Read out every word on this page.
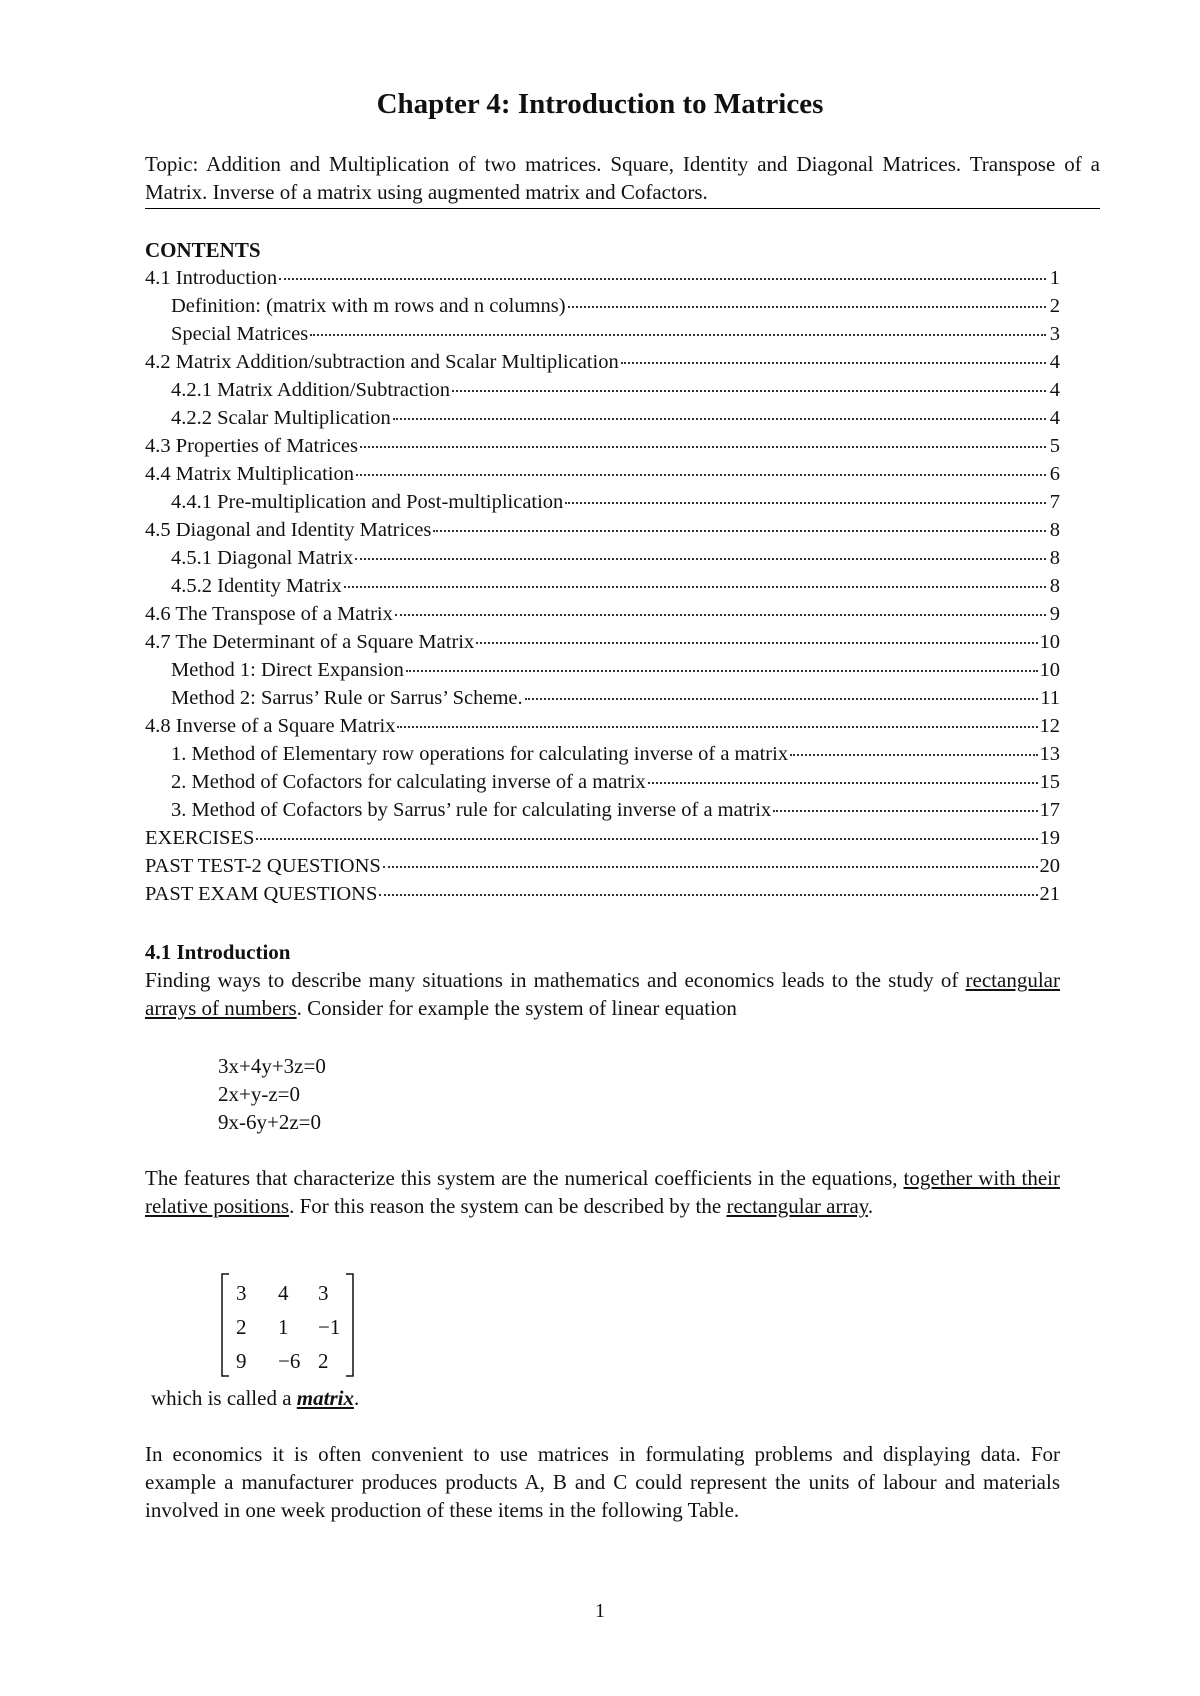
Chapter 4: Introduction to Matrices
Topic: Addition and Multiplication of two matrices. Square, Identity and Diagonal Matrices. Transpose of a Matrix. Inverse of a matrix using augmented matrix and Cofactors.
CONTENTS
4.1 Introduction	1
Definition: (matrix with m rows and n columns)	2
Special Matrices	3
4.2 Matrix Addition/subtraction and Scalar Multiplication	4
4.2.1 Matrix Addition/Subtraction	4
4.2.2 Scalar Multiplication	4
4.3 Properties of Matrices	5
4.4 Matrix Multiplication	6
4.4.1 Pre-multiplication and Post-multiplication	7
4.5 Diagonal and Identity Matrices	8
4.5.1 Diagonal Matrix	8
4.5.2 Identity Matrix	8
4.6 The Transpose of a Matrix	9
4.7 The Determinant of a Square Matrix	10
Method 1: Direct Expansion	10
Method 2: Sarrus’ Rule or Sarrus’ Scheme.	11
4.8 Inverse of a Square Matrix	12
1. Method of Elementary row operations for calculating inverse of a matrix	13
2. Method of Cofactors for calculating inverse of a matrix	15
3. Method of Cofactors by Sarrus’ rule for calculating inverse of a matrix	17
EXERCISES	19
PAST TEST-2 QUESTIONS	20
PAST EXAM QUESTIONS	21
4.1 Introduction
Finding ways to describe many situations in mathematics and economics leads to the study of rectangular arrays of numbers. Consider for example the system of linear equation
3x+4y+3z=0
2x+y-z=0
9x-6y+2z=0
The features that characterize this system are the numerical coefficients in the equations, together with their relative positions. For this reason the system can be described by the rectangular array.
3 4 3
2 1 −1
9 −6 2
which is called a matrix.
In economics it is often convenient to use matrices in formulating problems and displaying data. For example a manufacturer produces products A, B and C could represent the units of labour and materials involved in one week production of these items in the following Table.
1
